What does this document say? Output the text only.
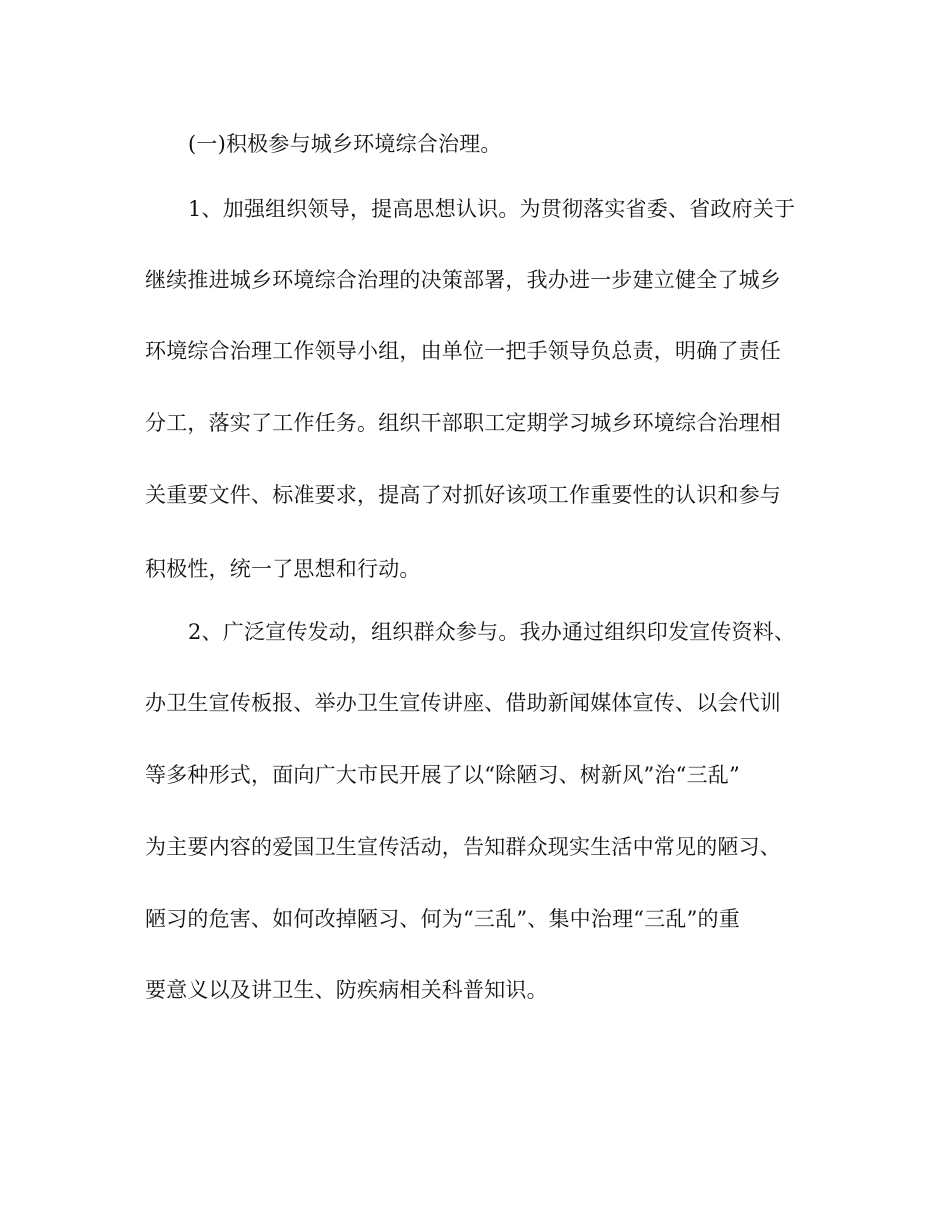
(一)积极参与城乡环境综合治理。

1、加强组织领导，提高思想认识。为贯彻落实省委、省政府关于

继续推进城乡环境综合治理的决策部署，我办进一步建立健全了城乡

环境综合治理工作领导小组，由单位一把手领导负总责，明确了责任

分工，落实了工作任务。组织干部职工定期学习城乡环境综合治理相

关重要文件、标准要求，提高了对抓好该项工作重要性的认识和参与

积极性，统一了思想和行动。

2、广泛宣传发动，组织群众参与。我办通过组织印发宣传资料、

办卫生宣传板报、举办卫生宣传讲座、借助新闻媒体宣传、以会代训

等多种形式，面向广大市民开展了以“除陋习、树新风”治“三乱”

为主要内容的爱国卫生宣传活动，告知群众现实生活中常见的陋习、

陋习的危害、如何改掉陋习、何为“三乱”、集中治理“三乱”的重

要意义以及讲卫生、防疾病相关科普知识。
